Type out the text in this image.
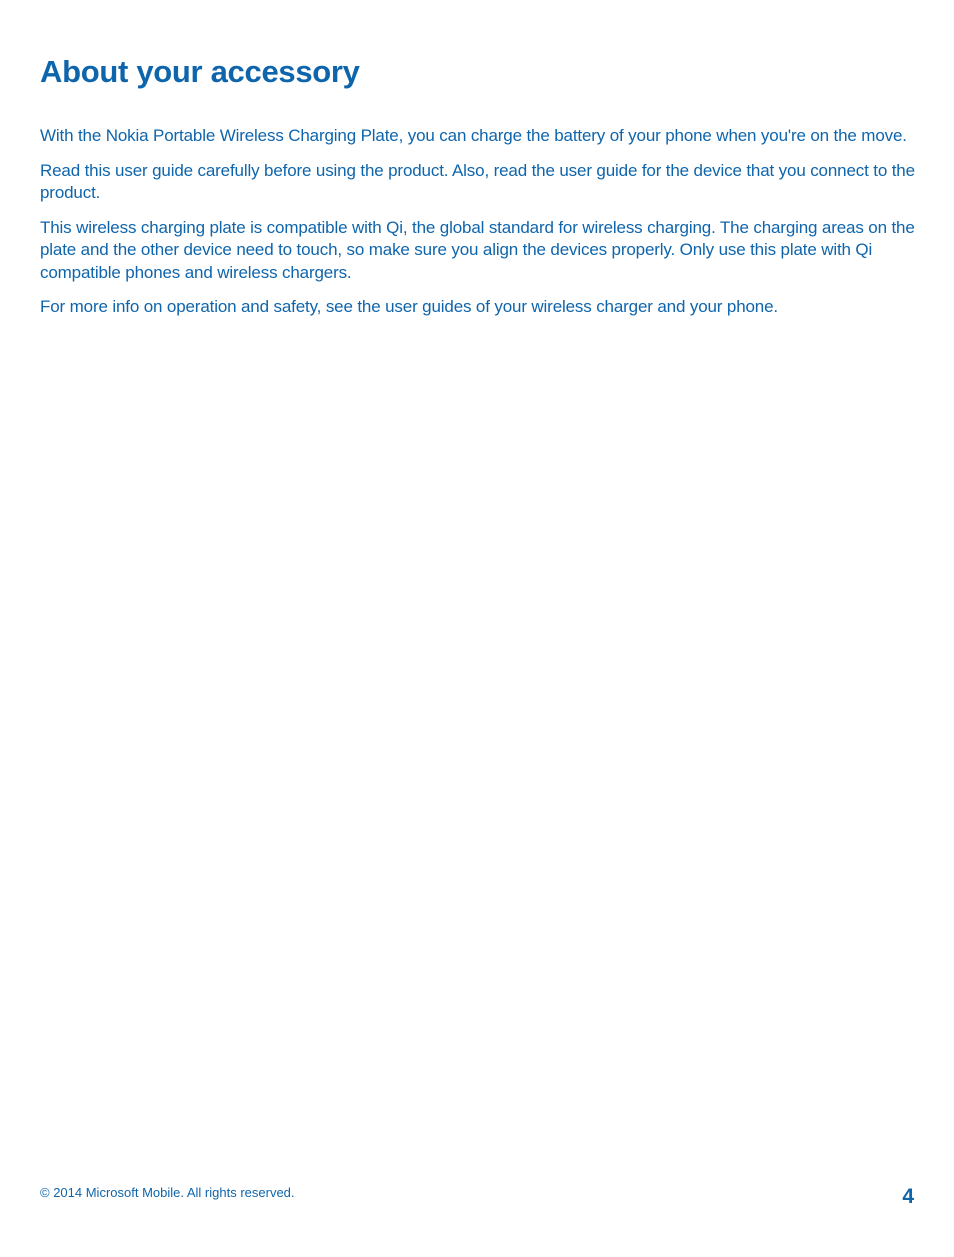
About your accessory

With the Nokia Portable Wireless Charging Plate, you can charge the battery of your phone when you're on the move.

Read this user guide carefully before using the product. Also, read the user guide for the device that you connect to the product.

This wireless charging plate is compatible with Qi, the global standard for wireless charging. The charging areas on the plate and the other device need to touch, so make sure you align the devices properly. Only use this plate with Qi compatible phones and wireless chargers.

For more info on operation and safety, see the user guides of your wireless charger and your phone.

© 2014 Microsoft Mobile. All rights reserved.	4
